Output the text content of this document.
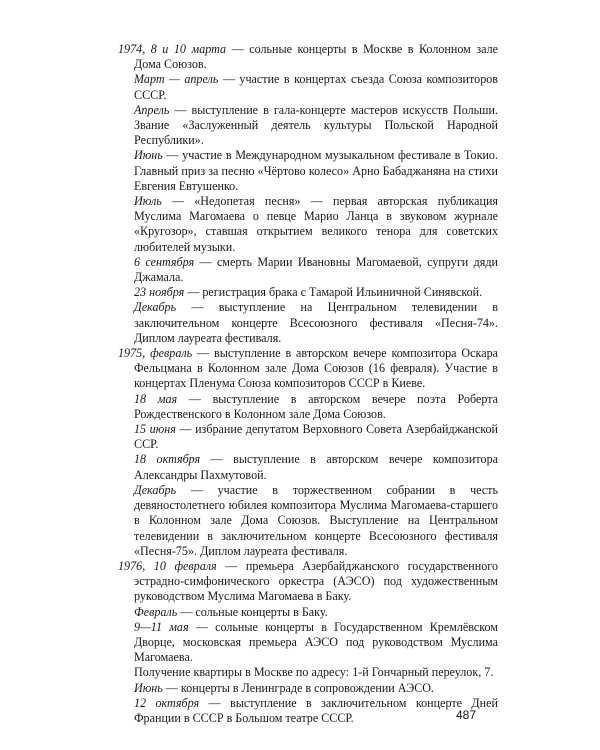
1974, 8 и 10 марта — сольные концерты в Москве в Колонном зале Дома Союзов.

Март — апрель — участие в концертах съезда Союза композиторов СССР.

Апрель — выступление в гала-концерте мастеров искусств Польши. Звание «Заслуженный деятель культуры Польской Народной Республики».

Июнь — участие в Международном музыкальном фестивале в Токио. Главный приз за песню «Чёртово колесо» Арно Бабаджаняна на стихи Евгения Евтушенко.

Июль — «Недопетая песня» — первая авторская публикация Муслима Магомаева о певце Марио Ланца в звуковом журнале «Кругозор», ставшая открытием великого тенора для советских любителей музыки.

6 сентября — смерть Марии Ивановны Магомаевой, супруги дяди Джамала.

23 ноября — регистрация брака с Тамарой Ильиничной Синявской.

Декабрь — выступление на Центральном телевидении в заключительном концерте Всесоюзного фестиваля «Песня-74». Диплом лауреата фестиваля.

1975, февраль — выступление в авторском вечере композитора Оскара Фельцмана в Колонном зале Дома Союзов (16 февраля). Участие в концертах Пленума Союза композиторов СССР в Киеве.

18 мая — выступление в авторском вечере поэта Роберта Рождественского в Колонном зале Дома Союзов.

15 июня — избрание депутатом Верховного Совета Азербайджанской ССР.

18 октября — выступление в авторском вечере композитора Александры Пахмутовой.

Декабрь — участие в торжественном собрании в честь девяностолетнего юбилея композитора Муслима Магомаева-старшего в Колонном зале Дома Союзов. Выступление на Центральном телевидении в заключительном концерте Всесоюзного фестиваля «Песня-75». Диплом лауреата фестиваля.

1976, 10 февраля — премьера Азербайджанского государственного эстрадно-симфонического оркестра (АЭСО) под художественным руководством Муслима Магомаева в Баку.

Февраль — сольные концерты в Баку.

9—11 мая — сольные концерты в Государственном Кремлёвском Дворце, московская премьера АЭСО под руководством Муслима Магомаева.

Получение квартиры в Москве по адресу: 1-й Гончарный переулок, 7.

Июнь — концерты в Ленинграде в сопровождении АЭСО.

12 октября — выступление в заключительном концерте Дней Франции в СССР в Большом театре СССР.	487
